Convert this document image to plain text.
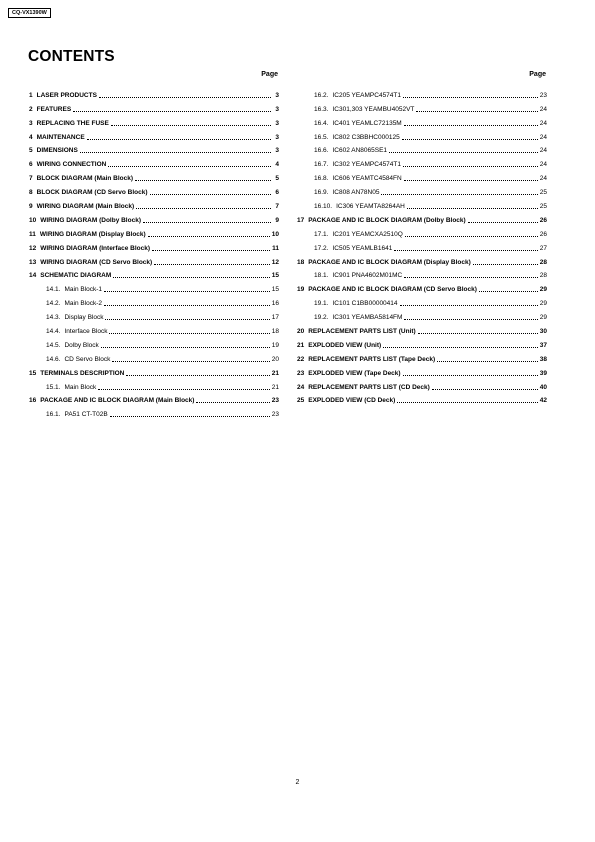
CQ-VX1390W
CONTENTS
Page
1 LASER PRODUCTS	3
2 FEATURES	3
3 REPLACING THE FUSE	3
4 MAINTENANCE	3
5 DIMENSIONS	3
6 WIRING CONNECTION	4
7 BLOCK DIAGRAM (Main Block)	5
8 BLOCK DIAGRAM (CD Servo Block)	6
9 WIRING DIAGRAM (Main Block)	7
10 WIRING DIAGRAM (Dolby Block)	9
11 WIRING DIAGRAM (Display Block)	10
12 WIRING DIAGRAM (Interface Block)	11
13 WIRING DIAGRAM (CD Servo Block)	12
14 SCHEMATIC DIAGRAM	15
14.1. Main Block-1	15
14.2. Main Block-2	16
14.3. Display Block	17
14.4. Interface Block	18
14.5. Dolby Block	19
14.6. CD Servo Block	20
15 TERMINALS DESCRIPTION	21
15.1. Main Block	21
16 PACKAGE AND IC BLOCK DIAGRAM (Main Block)	23
16.1. PA51 CT-T02B	23
Page
16.2. IC205 YEAMPC4574T1	23
16.3. IC301,303 YEAMBU4052VT	24
16.4. IC401 YEAMLC72135M	24
16.5. IC802 C3BBHC000125	24
16.6. IC602 AN8065SE1	24
16.7. IC302 YEAMPC4574T1	24
16.8. IC606 YEAMTC4584FN	24
16.9. IC808 AN78N05	25
16.10. IC306 YEAMTA8264AH	25
17 PACKAGE AND IC BLOCK DIAGRAM (Dolby Block)	26
17.1. IC201 YEAMCXA2510Q	26
17.2. IC505 YEAMLB1641	27
18 PACKAGE AND IC BLOCK DIAGRAM (Display Block)	28
18.1. IC901 PNA4602M01MC	28
19 PACKAGE AND IC BLOCK DIAGRAM (CD Servo Block)	29
19.1. IC101 C1BB00000414	29
19.2. IC301 YEAMBA5814FM	29
20 REPLACEMENT PARTS LIST (Unit)	30
21 EXPLODED VIEW (Unit)	37
22 REPLACEMENT PARTS LIST (Tape Deck)	38
23 EXPLODED VIEW (Tape Deck)	39
24 REPLACEMENT PARTS LIST (CD Deck)	40
25 EXPLODED VIEW (CD Deck)	42
2
